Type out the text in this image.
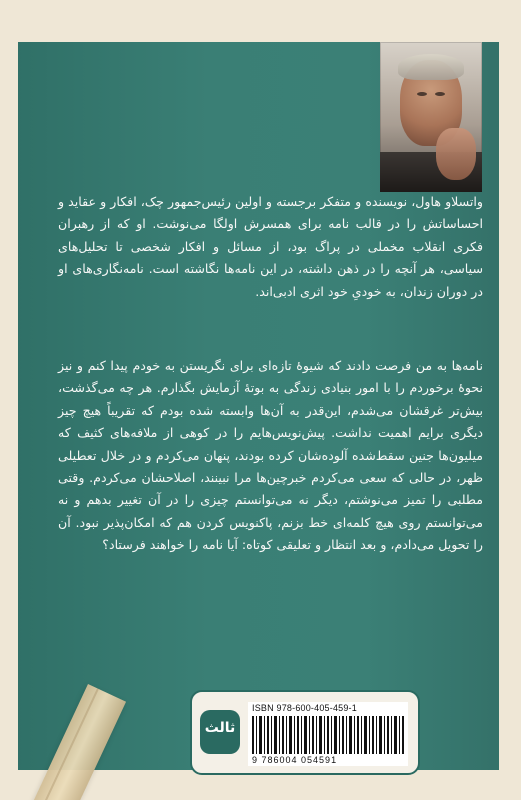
واتسلاو هاول، نویسنده و متفکر برجسته و اولین رئیس‌جمهور چک، افکار و عقاید و احساساتش را در قالب نامه برای همسرش اولگا می‌نوشت. او که از رهبران فکری انقلاب مخملی در پراگ بود، از مسائل و افکار شخصی تا تحلیل‌های سیاسی، هر آنچه را در ذهن داشته، در این نامه‌ها نگاشته است. نامه‌نگاری‌های او در دوران زندان، به خودیِ خود اثری ادبی‌اند.
نامه‌ها به من فرصت دادند که شیوهٔ تازه‌ای برای نگریستن به خودم پیدا کنم و نیز نحوهٔ برخوردم را با امور بنیادی زندگی به بوتهٔ آزمایش بگذارم. هر چه می‌گذشت، بیش‌تر غرقشان می‌شدم، این‌قدر به آن‌ها وابسته شده بودم که تقریباً هیچ چیز دیگری برایم اهمیت نداشت. پیش‌نویس‌هایم را در کوهی از ملافه‌های کثیف که میلیون‌ها جنین سقط‌شده آلوده‌شان کرده بودند، پنهان می‌کردم و در خلال تعطیلی ظهر، در حالی که سعی می‌کردم خبرچین‌ها مرا نبینند، اصلاحشان می‌کردم. وقتی مطلبی را تمیز می‌نوشتم، دیگر نه می‌توانستم چیزی را در آن تغییر بدهم و نه می‌توانستم روی هیچ کلمه‌ای خط بزنم، پاکنویس کردن هم که امکان‌پذیر نبود. آن را تحویل می‌دادم، و بعد انتظار و تعلیقی کوتاه: آیا نامه را خواهند فرستاد؟
ثالث
ISBN 978-600-405-459-1
9 786004 054591
